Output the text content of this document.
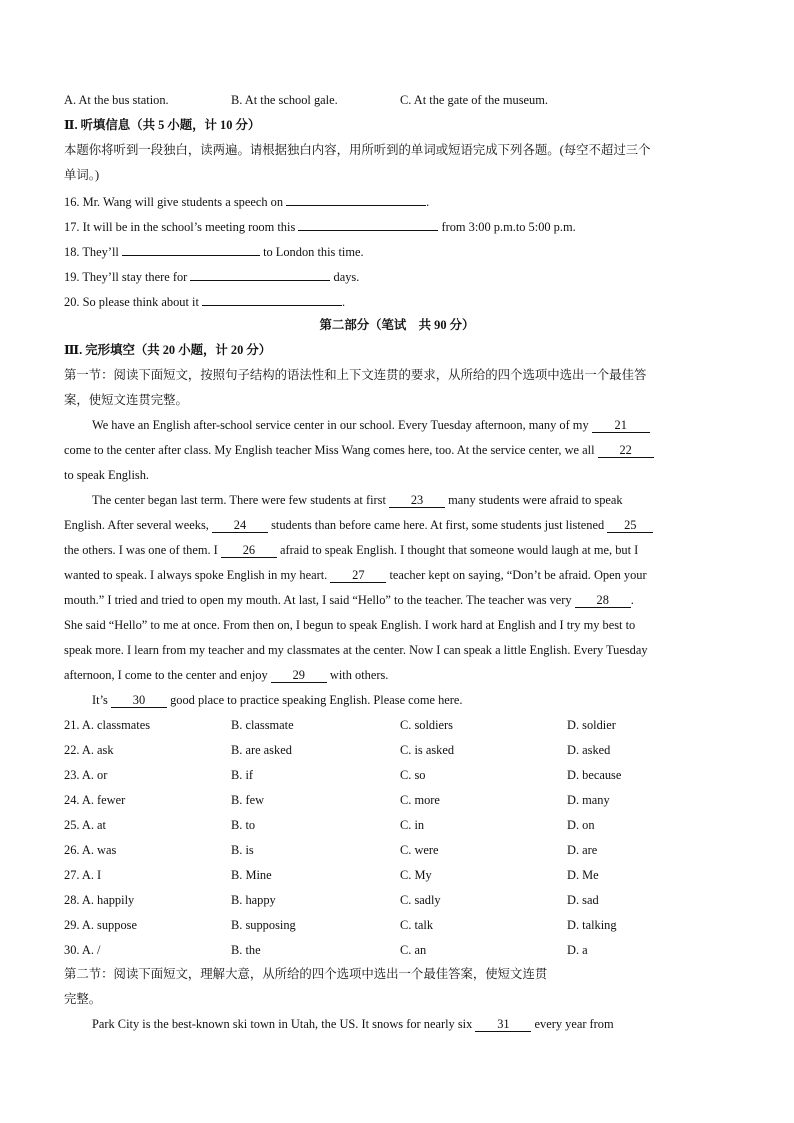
A. At the bus station.	B. At the school gale.	C. At the gate of the museum.
Ⅱ. 听填信息（共 5 小题，计 10 分）
本题你将听到一段独白，读两遍。请根据独白内容，用所听到的单词或短语完成下列各题。(每空不超过三个
单词。)
16. Mr. Wang will give students a speech on	.
17. It will be in the school’s meeting room this	from 3:00 p.m.to 5:00 p.m.
18. They’ll	to London this time.
19. They’ll stay there for	days.
20. So please think about it	.
第二部分（笔试　共 90 分）
Ⅲ. 完形填空（共 20 小题，计 20 分）
第一节：阅读下面短文，按照句子结构的语法性和上下文连贯的要求，从所给的四个选项中选出一个最佳答
案，使短文连贯完整。
We have an English after-school service center in our school. Every Tuesday afternoon, many of my 21
come to the center after class. My English teacher Miss Wang comes here, too. At the service center, we all 22
to speak English.
The center began last term. There were few students at first 23 many students were afraid to speak
English. After several weeks, 24 students than before came here. At first, some students just listened 25
the others. I was one of them. I 26 afraid to speak English. I thought that someone would laugh at me, but I
wanted to speak. I always spoke English in my heart. 27 teacher kept on saying, “Don’t be afraid. Open your
mouth.” I tried and tried to open my mouth. At last, I said “Hello” to the teacher. The teacher was very 28 .
She said “Hello” to me at once. From then on, I begun to speak English. I work hard at English and I try my best to
speak more. I learn from my teacher and my classmates at the center. Now I can speak a little English. Every Tuesday
afternoon, I come to the center and enjoy 29 with others.
It’s 30 good place to practice speaking English. Please come here.
21. A. classmates	B. classmate	C. soldiers	D. soldier
22. A. ask	B. are asked	C. is asked	D. asked
23. A. or	B. if	C. so	D. because
24. A. fewer	B. few	C. more	D. many
25. A. at	B. to	C. in	D. on
26. A. was	B. is	C. were	D. are
27. A. I	B. Mine	C. My	D. Me
28. A. happily	B. happy	C. sadly	D. sad
29. A. suppose	B. supposing	C. talk	D. talking
30. A. /	B. the	C. an	D. a
第二节：阅读下面短文，理解大意，从所给的四个选项中选出一个最佳答案，使短文连贯
完整。
Park City is the best-known ski town in Utah, the US. It snows for nearly six 31 every year from
